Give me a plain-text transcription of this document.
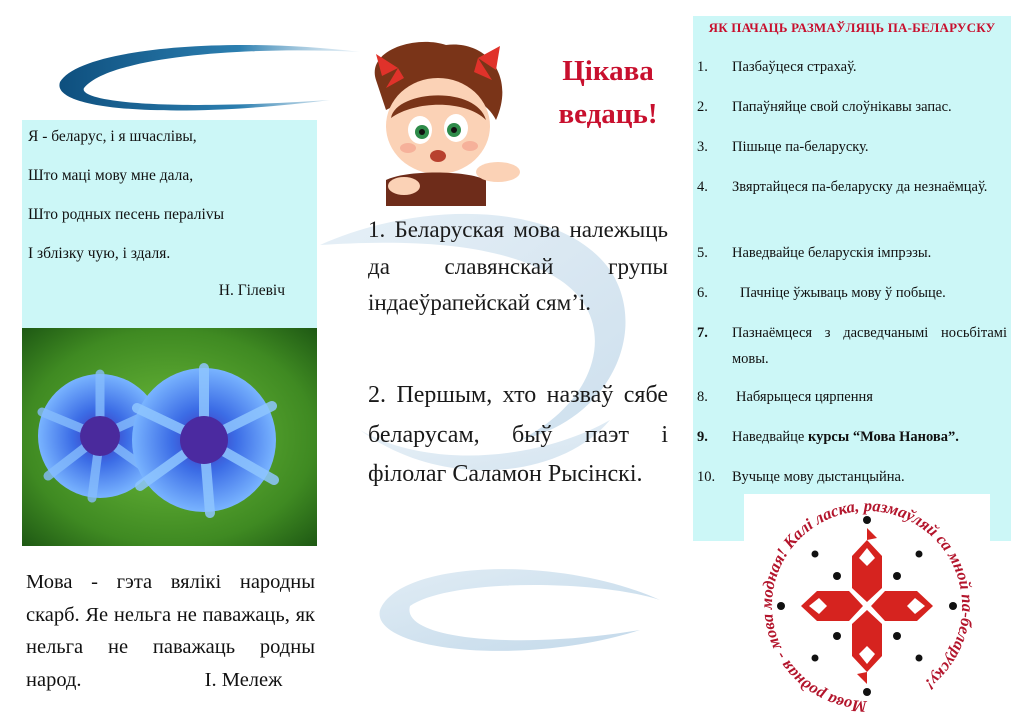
Я - беларус, і я шчаслівы,
Што маці мову мне дала,
Што родных песень пераліvы
І зблізку чую, і здаля.
Н. Гілевіч
Мова - гэта вялікі народны скарб. Яе нельга не паважаць, як нельга не паважаць родны народ.	І. Мележ
Цікава
ведаць!
1. Беларуская мова належыць да славянскай групы індаеўрапейскай сям’і.
2. Першым, хто назваў сябе беларусам, быў паэт і філолаг Саламон Рысінскі.
ЯК ПАЧАЦЬ РАЗМАЎЛЯЦЬ ПА-БЕЛАРУСКУ
1.	Пазбаўцеся страхаў.
2.	Папаўняйце свой слоўнікавы запас.
3.	Пішыце па-беларуску.
4.	Звяртайцеся па-беларуску да незнаёмцаў.
5.	Наведвайце беларускія імпрэзы.
6.	Пачніце ўжываць мову ў побыце.
7.	Пазнаёмцеся з дасведчанымі носьбітамі мовы.
8.	Набярыцеся цярпення
9.	Наведвайце курсы “Мова Нанова”.
10.	Вучыце мову дыстанцыйна.
Мова родная - мова модная! Калі ласка, размаўляй са мной па-беларуску!
